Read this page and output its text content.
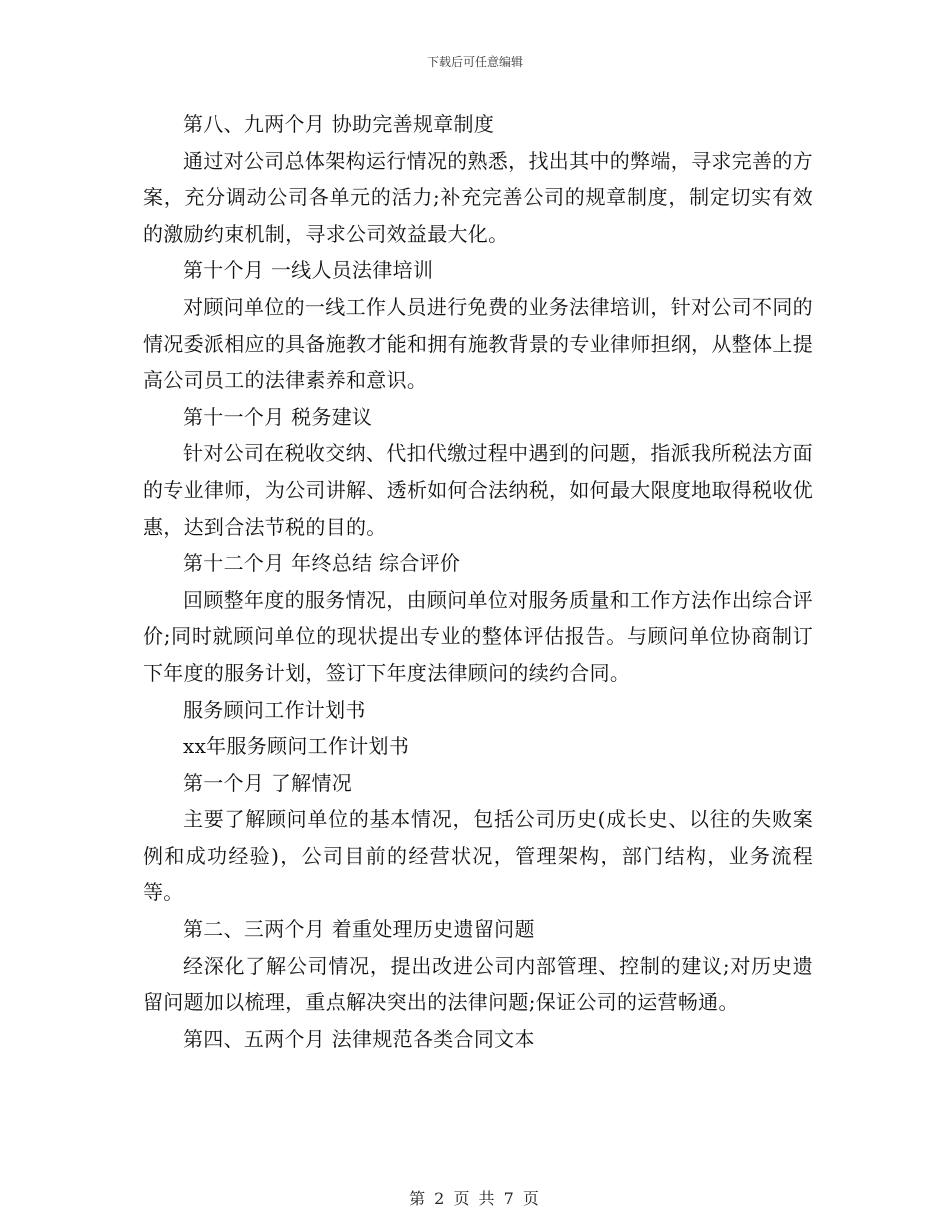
下载后可任意编辑

第八、九两个月 协助完善规章制度

通过对公司总体架构运行情况的熟悉，找出其中的弊端，寻求完善的方案，充分调动公司各单元的活力;补充完善公司的规章制度，制定切实有效的激励约束机制，寻求公司效益最大化。

第十个月 一线人员法律培训

对顾问单位的一线工作人员进行免费的业务法律培训，针对公司不同的情况委派相应的具备施教才能和拥有施教背景的专业律师担纲，从整体上提高公司员工的法律素养和意识。

第十一个月 税务建议

针对公司在税收交纳、代扣代缴过程中遇到的问题，指派我所税法方面的专业律师，为公司讲解、透析如何合法纳税，如何最大限度地取得税收优惠，达到合法节税的目的。

第十二个月 年终总结 综合评价

回顾整年度的服务情况，由顾问单位对服务质量和工作方法作出综合评价;同时就顾问单位的现状提出专业的整体评估报告。与顾问单位协商制订下年度的服务计划，签订下年度法律顾问的续约合同。

服务顾问工作计划书

xx年服务顾问工作计划书

第一个月 了解情况

主要了解顾问单位的基本情况，包括公司历史(成长史、以往的失败案例和成功经验)，公司目前的经营状况，管理架构，部门结构，业务流程等。

第二、三两个月 着重处理历史遗留问题

经深化了解公司情况，提出改进公司内部管理、控制的建议;对历史遗留问题加以梳理，重点解决突出的法律问题;保证公司的运营畅通。

第四、五两个月 法律规范各类合同文本

第 2 页 共 7 页
